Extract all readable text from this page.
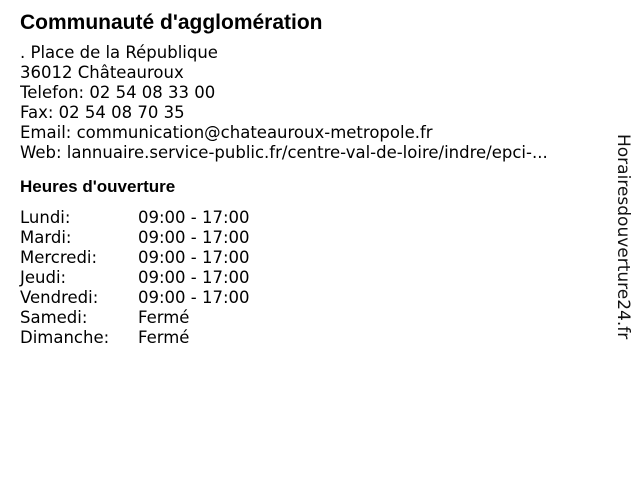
Communauté d'agglomération
. Place de la République
36012 Châteauroux
Telefon: 02 54 08 33 00
Fax: 02 54 08 70 35
Email: communication@chateauroux-metropole.fr
Web: lannuaire.service-public.fr/centre-val-de-loire/indre/epci-...
Heures d'ouverture
Lundi:	09:00 - 17:00
Mardi:	09:00 - 17:00
Mercredi: 09:00 - 17:00
Jeudi:	09:00 - 17:00
Vendredi: 09:00 - 17:00
Samedi:	Fermé
Dimanche: Fermé	Horairesdouverture24.fr
